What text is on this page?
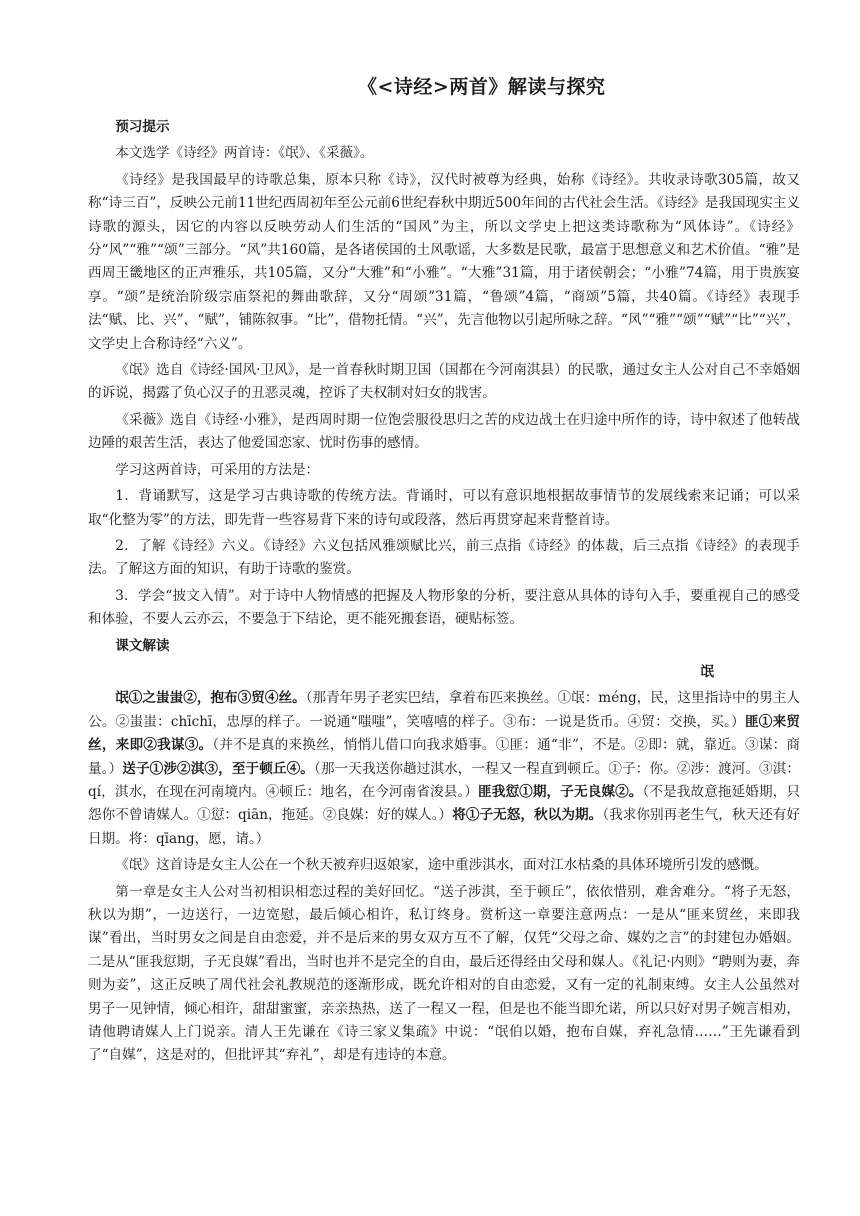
《<诗经>两首》解读与探究
预习提示

本文选学《诗经》两首诗：《氓》、《采薇》。

《诗经》是我国最早的诗歌总集，原本只称《诗》，汉代时被尊为经典，始称《诗经》。共收录诗歌305篇，故又称“诗三百”，反映公元前11世纪西周初年至公元前6世纪春秋中期近500年间的古代社会生活。《诗经》是我国现实主义诗歌的源头，因它的内容以反映劳动人们生活的“国风”为主，所以文学史上把这类诗歌称为“风体诗”。《诗经》分“风”“雅”“颂”三部分。“风”共160篇，是各诸侯国的土风歌谣，大多数是民歌，最富于思想意义和艺术价值。“雅”是西周王畿地区的正声雅乐，共105篇，又分“大雅”和“小雅”。“大雅”31篇，用于诸侯朝会；“小雅”74篇，用于贵族宴享。“颂”是统治阶级宗庙祭祀的舞曲歌辞，又分“周颂”31篇，“鲁颂”4篇，“商颂”5篇，共40篇。《诗经》表现手法“赋、比、兴”，“赋”，铺陈叙事。“比”，借物托情。“兴”，先言他物以引起所咏之辞。“风”“雅”“颂”“赋”“比”“兴”，文学史上合称诗经“六义”。

《氓》选自《诗经·国风·卫风》，是一首春秋时期卫国（国都在今河南淇县）的民歌，通过女主人公对自己不幸婚姻的诉说，揭露了负心汉子的丑恶灵魂，控诉了夫权制对妇女的戕害。

《采薇》选自《诗经·小雅》，是西周时期一位饱尝服役思归之苦的戍边战士在归途中所作的诗，诗中叙述了他转战边陲的艰苦生活，表达了他爱国恋家、忧时伤事的感情。

学习这两首诗，可采用的方法是：

1．背诵默写，这是学习古典诗歌的传统方法。背诵时，可以有意识地根据故事情节的发展线索来记诵；可以采取“化整为零”的方法，即先背一些容易背下来的诗句或段落，然后再贯穿起来背整首诗。

2．了解《诗经》六义。《诗经》六义包括风雅颂赋比兴，前三点指《诗经》的体裁，后三点指《诗经》的表现手法。了解这方面的知识，有助于诗歌的鉴赏。

3．学会“披文入情”。对于诗中人物情感的把握及人物形象的分析，要注意从具体的诗句入手，要重视自己的感受和体验，不要人云亦云，不要急于下结论，更不能死搬套语，硬贴标签。

课文解读
氓

氓①之蚩蚩②，抱布③贸④丝。（那青年男子老实巴结，拿着布匹来换丝。①氓：méng，民，这里指诗中的男主人公。②蚩蚩：chīchī，忠厚的样子。一说通“嗤嗤”，笑嘻嘻的样子。③布：一说是货币。④贸：交换，买。）匪①来贸丝，来即②我谋③。（并不是真的来换丝，悄悄儿借口向我求婚事。①匪：通“非”，不是。②即：就，靠近。③谋：商量。）送子①涉②淇③，至于顿丘④。（那一天我送你趟过淇水，一程又一程直到顿丘。①子：你。②涉：渡河。③淇：qí，淇水，在现在河南境内。④顿丘：地名，在今河南省浚县。）匪我愆①期，子无良媒②。（不是我故意拖延婚期，只怨你不曾请媒人。①愆：qiān，拖延。②良媒：好的媒人。）将①子无怒，秋以为期。（我求你别再老生气，秋天还有好日期。将：qīang，愿，请。）

《氓》这首诗是女主人公在一个秋天被弃归返娘家，途中重涉淇水，面对江水枯桑的具体环境所引发的感慨。

第一章是女主人公对当初相识相恋过程的美好回忆。“送子涉淇，至于顿丘”，依依惜别，难舍难分。“将子无怒，秋以为期”，一边送行，一边宽慰，最后倾心相许，私订终身。赏析这一章要注意两点：一是从“匪来贸丝，来即我谋”看出，当时男女之间是自由恋爱，并不是后来的男女双方互不了解，仅凭“父母之命、媒妁之言”的封建包办婚姻。二是从“匪我愆期，子无良媒”看出，当时也并不是完全的自由，最后还得经由父母和媒人。《礼记·内则》“聘则为妻，奔则为妾”，这正反映了周代社会礼教规范的逐渐形成，既允许相对的自由恋爱，又有一定的礼制束缚。女主人公虽然对男子一见钟情，倾心相许，甜甜蜜蜜，亲亲热热，送了一程又一程，但是也不能当即允诺，所以只好对男子婉言相劝，请他聘请媒人上门说亲。清人王先谦在《诗三家义集疏》中说：“氓伯以婚，抱布自媒，弃礼急情……”王先谦看到了“自媒”，这是对的，但批评其“弃礼”，却是有违诗的本意。
